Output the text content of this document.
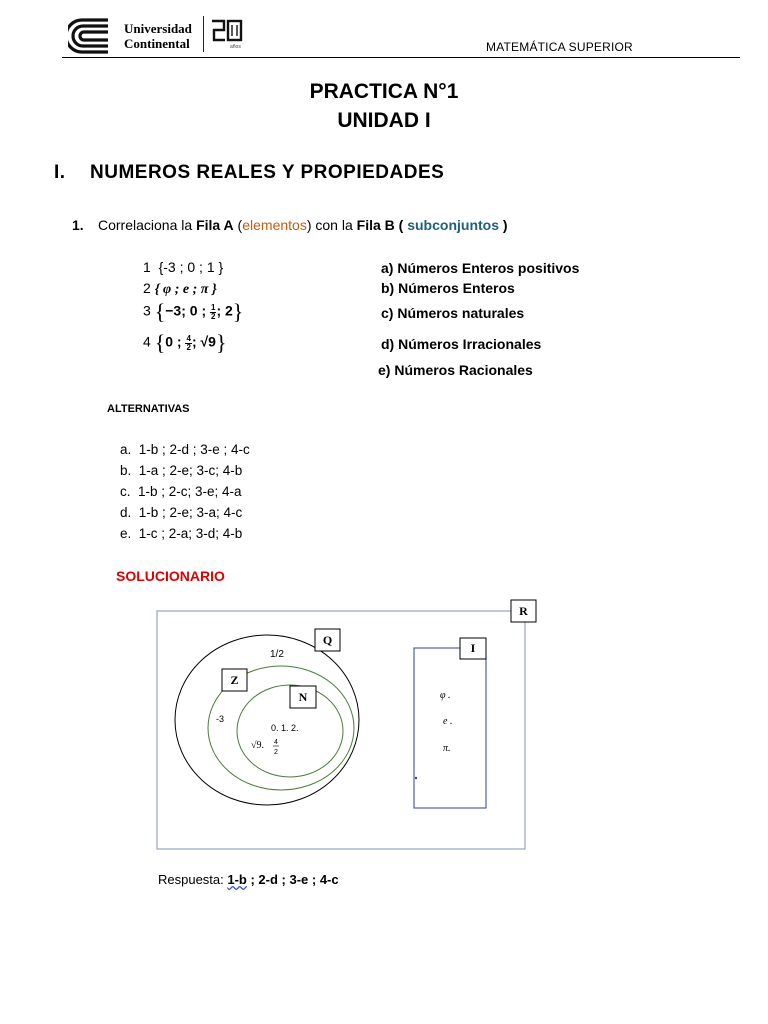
Universidad
Continental	años	MATEMÁTICA SUPERIOR
PRACTICA N°1
UNIDAD I
I. NUMEROS REALES Y PROPIEDADES
1. Correlaciona la Fila A (elementos) con la Fila B ( subconjuntos )
1 {-3 ; 0 ; 1 }
2 { φ ; e ; π }
3 {−3; 0 ; $\frac{1}{2}$; 2}
4 {0 ; $\frac{4}{2}$; √9}
a) Números Enteros positivos
b) Números Enteros
c) Números naturales
d) Números Irracionales
e) Números Racionales
ALTERNATIVAS
a.  1-b ; 2-d ; 3-e ; 4-c
b.  1-a ; 2-e; 3-c; 4-b
c.  1-b ; 2-c; 3-e; 4-a
d.  1-b ; 2-e; 3-a; 4-c
e.  1-c ; 2-a; 3-d; 4-b
SOLUCIONARIO
R
Q
Z
N
I
1/2
-3
0. 1. 2.
√9. 4
2
φ .
e .
π.
Respuesta: 1-b ; 2-d ; 3-e ; 4-c
